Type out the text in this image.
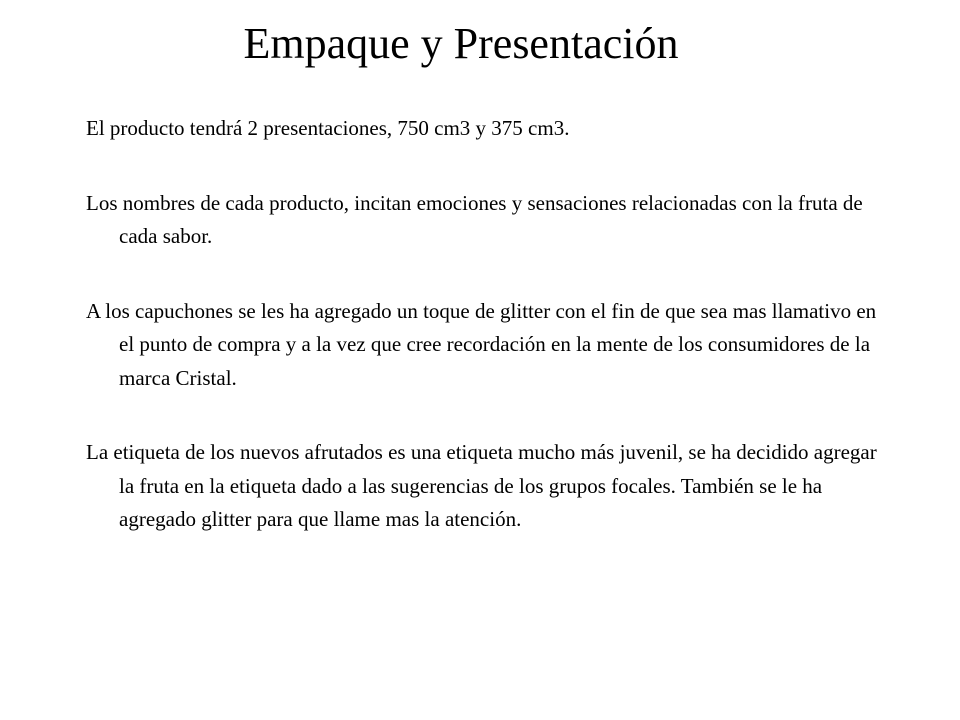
Empaque y Presentación
El producto tendrá 2 presentaciones, 750 cm3 y 375 cm3.
Los nombres de cada producto, incitan emociones y sensaciones relacionadas con la fruta de cada sabor.
A los capuchones se les ha agregado un toque de glitter con el fin de que sea mas llamativo en el punto de compra y a la vez que cree recordación en la mente de los consumidores de la marca Cristal.
La etiqueta de los nuevos afrutados es una etiqueta mucho más juvenil, se ha decidido agregar la fruta en la etiqueta dado a las sugerencias de los grupos focales. También se le ha agregado glitter para que llame mas la atención.
